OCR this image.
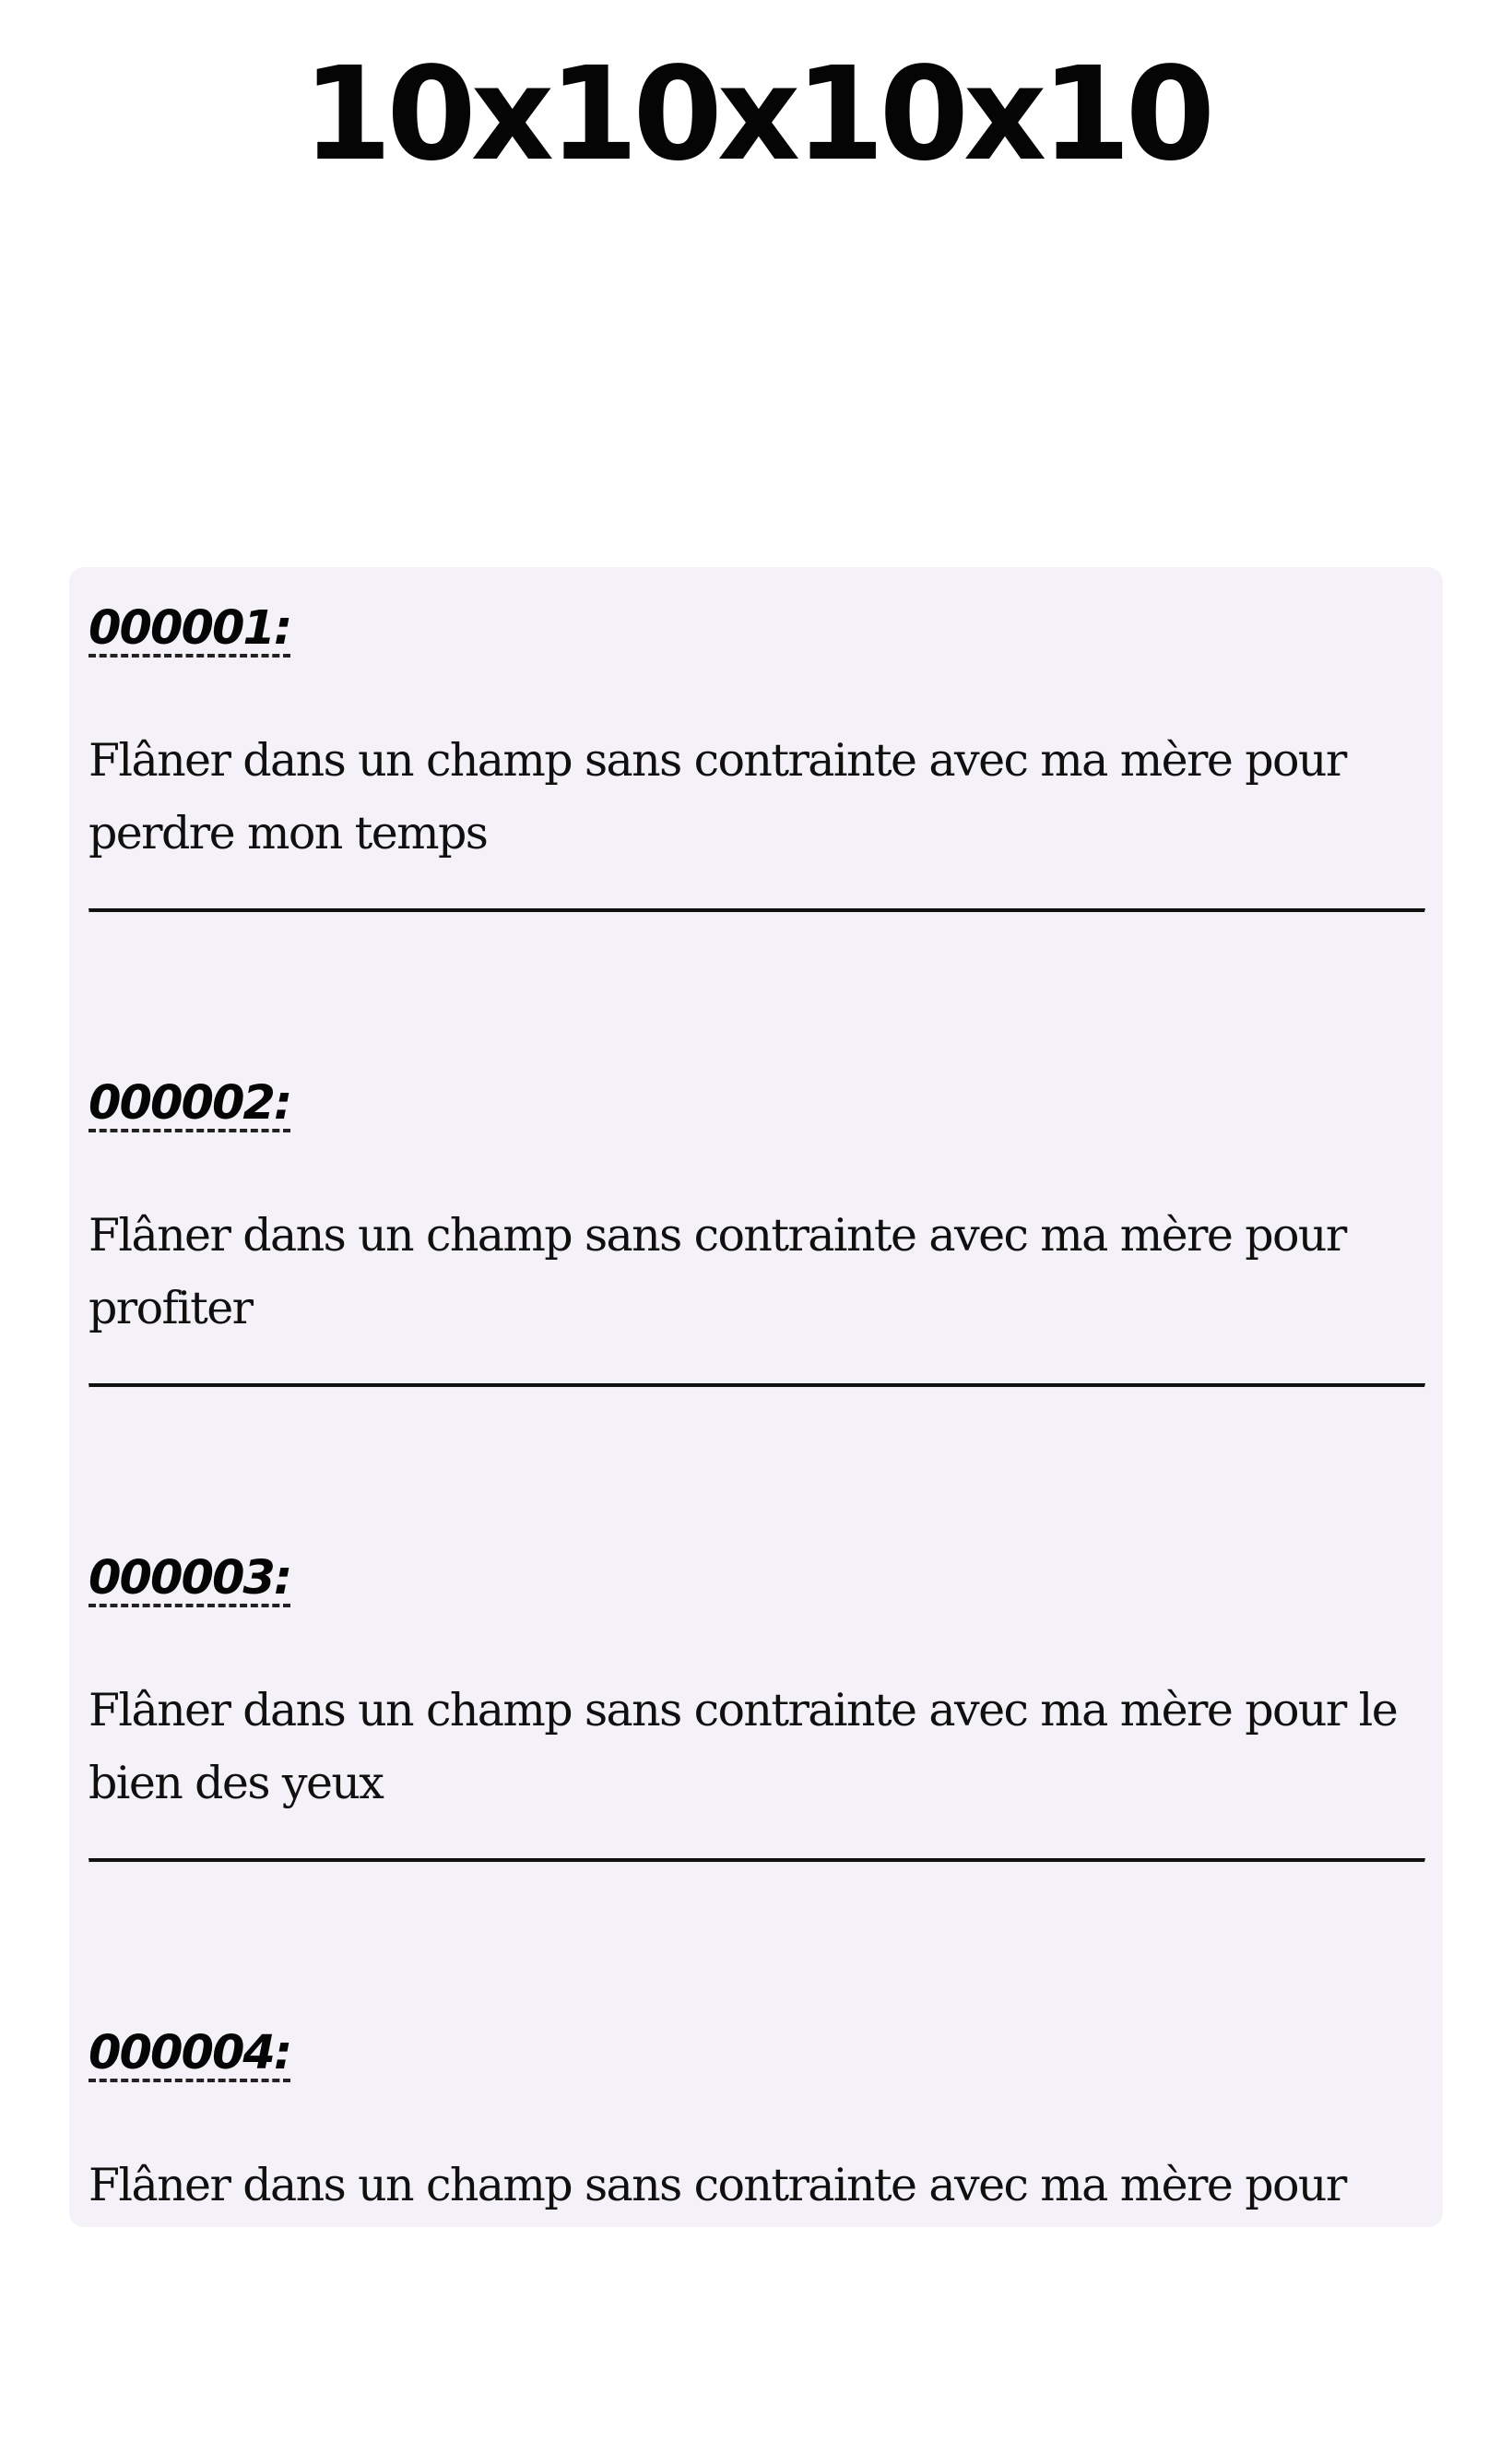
10x10x10x10
000001:

Flâner dans un champ sans contrainte avec ma mère pour perdre mon temps

000002:

Flâner dans un champ sans contrainte avec ma mère pour profiter

000003:

Flâner dans un champ sans contrainte avec ma mère pour le bien des yeux

000004:

Flâner dans un champ sans contrainte avec ma mère pour
